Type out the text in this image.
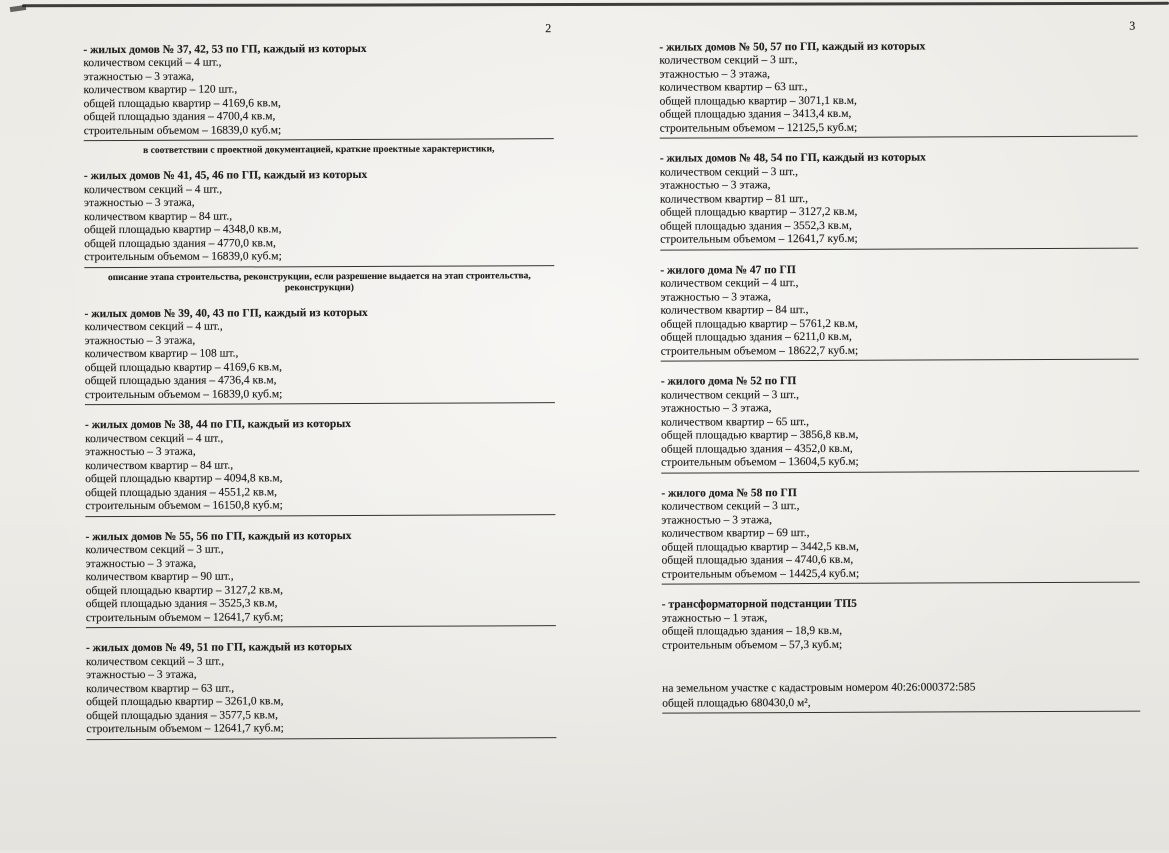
2
- жилых домов № 37, 42, 53 по ГП, каждый из которых
количеством секций – 4 шт.,
этажностью – 3 этажа,
количеством квартир – 120 шт.,
общей площадью квартир – 4169,6 кв.м,
общей площадью здания – 4700,4 кв.м,
строительным объемом – 16839,0 куб.м;
в соответствии с проектной документацией, краткие проектные характеристики,
- жилых домов № 41, 45, 46 по ГП, каждый из которых
количеством секций – 4 шт.,
этажностью – 3 этажа,
количеством квартир – 84 шт.,
общей площадью квартир – 4348,0 кв.м,
общей площадью здания – 4770,0 кв.м,
строительным объемом – 16839,0 куб.м;
описание этапа строительства, реконструкции, если разрешение выдается на этап строительства,
реконструкции)
- жилых домов № 39, 40, 43 по ГП, каждый из которых
количеством секций – 4 шт.,
этажностью – 3 этажа,
количеством квартир – 108 шт.,
общей площадью квартир – 4169,6 кв.м,
общей площадью здания – 4736,4 кв.м,
строительным объемом – 16839,0 куб.м;
- жилых домов № 38, 44 по ГП, каждый из которых
количеством секций – 4 шт.,
этажностью – 3 этажа,
количеством квартир – 84 шт.,
общей площадью квартир – 4094,8 кв.м,
общей площадью здания – 4551,2 кв.м,
строительным объемом – 16150,8 куб.м;
- жилых домов № 55, 56 по ГП, каждый из которых
количеством секций – 3 шт.,
этажностью – 3 этажа,
количеством квартир – 90 шт.,
общей площадью квартир – 3127,2 кв.м,
общей площадью здания – 3525,3 кв.м,
строительным объемом – 12641,7 куб.м;
- жилых домов № 49, 51 по ГП, каждый из которых
количеством секций – 3 шт.,
этажностью – 3 этажа,
количеством квартир – 63 шт.,
общей площадью квартир – 3261,0 кв.м,
общей площадью здания – 3577,5 кв.м,
строительным объемом – 12641,7 куб.м;
3
- жилых домов № 50, 57 по ГП, каждый из которых
количеством секций – 3 шт.,
этажностью – 3 этажа,
количеством квартир – 63 шт.,
общей площадью квартир – 3071,1 кв.м,
общей площадью здания – 3413,4 кв.м,
строительным объемом – 12125,5 куб.м;
- жилых домов № 48, 54 по ГП, каждый из которых
количеством секций – 3 шт.,
этажностью – 3 этажа,
количеством квартир – 81 шт.,
общей площадью квартир – 3127,2 кв.м,
общей площадью здания – 3552,3 кв.м,
строительным объемом – 12641,7 куб.м;
- жилого дома № 47 по ГП
количеством секций – 4 шт.,
этажностью – 3 этажа,
количеством квартир – 84 шт.,
общей площадью квартир – 5761,2 кв.м,
общей площадью здания – 6211,0 кв.м,
строительным объемом – 18622,7 куб.м;
- жилого дома № 52 по ГП
количеством секций – 3 шт.,
этажностью – 3 этажа,
количеством квартир – 65 шт.,
общей площадью квартир – 3856,8 кв.м,
общей площадью здания – 4352,0 кв.м,
строительным объемом – 13604,5 куб.м;
- жилого дома № 58 по ГП
количеством секций – 3 шт.,
этажностью – 3 этажа,
количеством квартир – 69 шт.,
общей площадью квартир – 3442,5 кв.м,
общей площадью здания – 4740,6 кв.м,
строительным объемом – 14425,4 куб.м;
- трансформаторной подстанции ТП5
этажностью – 1 этаж,
общей площадью здания – 18,9 кв.м,
строительным объемом – 57,3 куб.м;
на земельном участке с кадастровым номером 40:26:000372:585
общей площадью 680430,0 м²,
